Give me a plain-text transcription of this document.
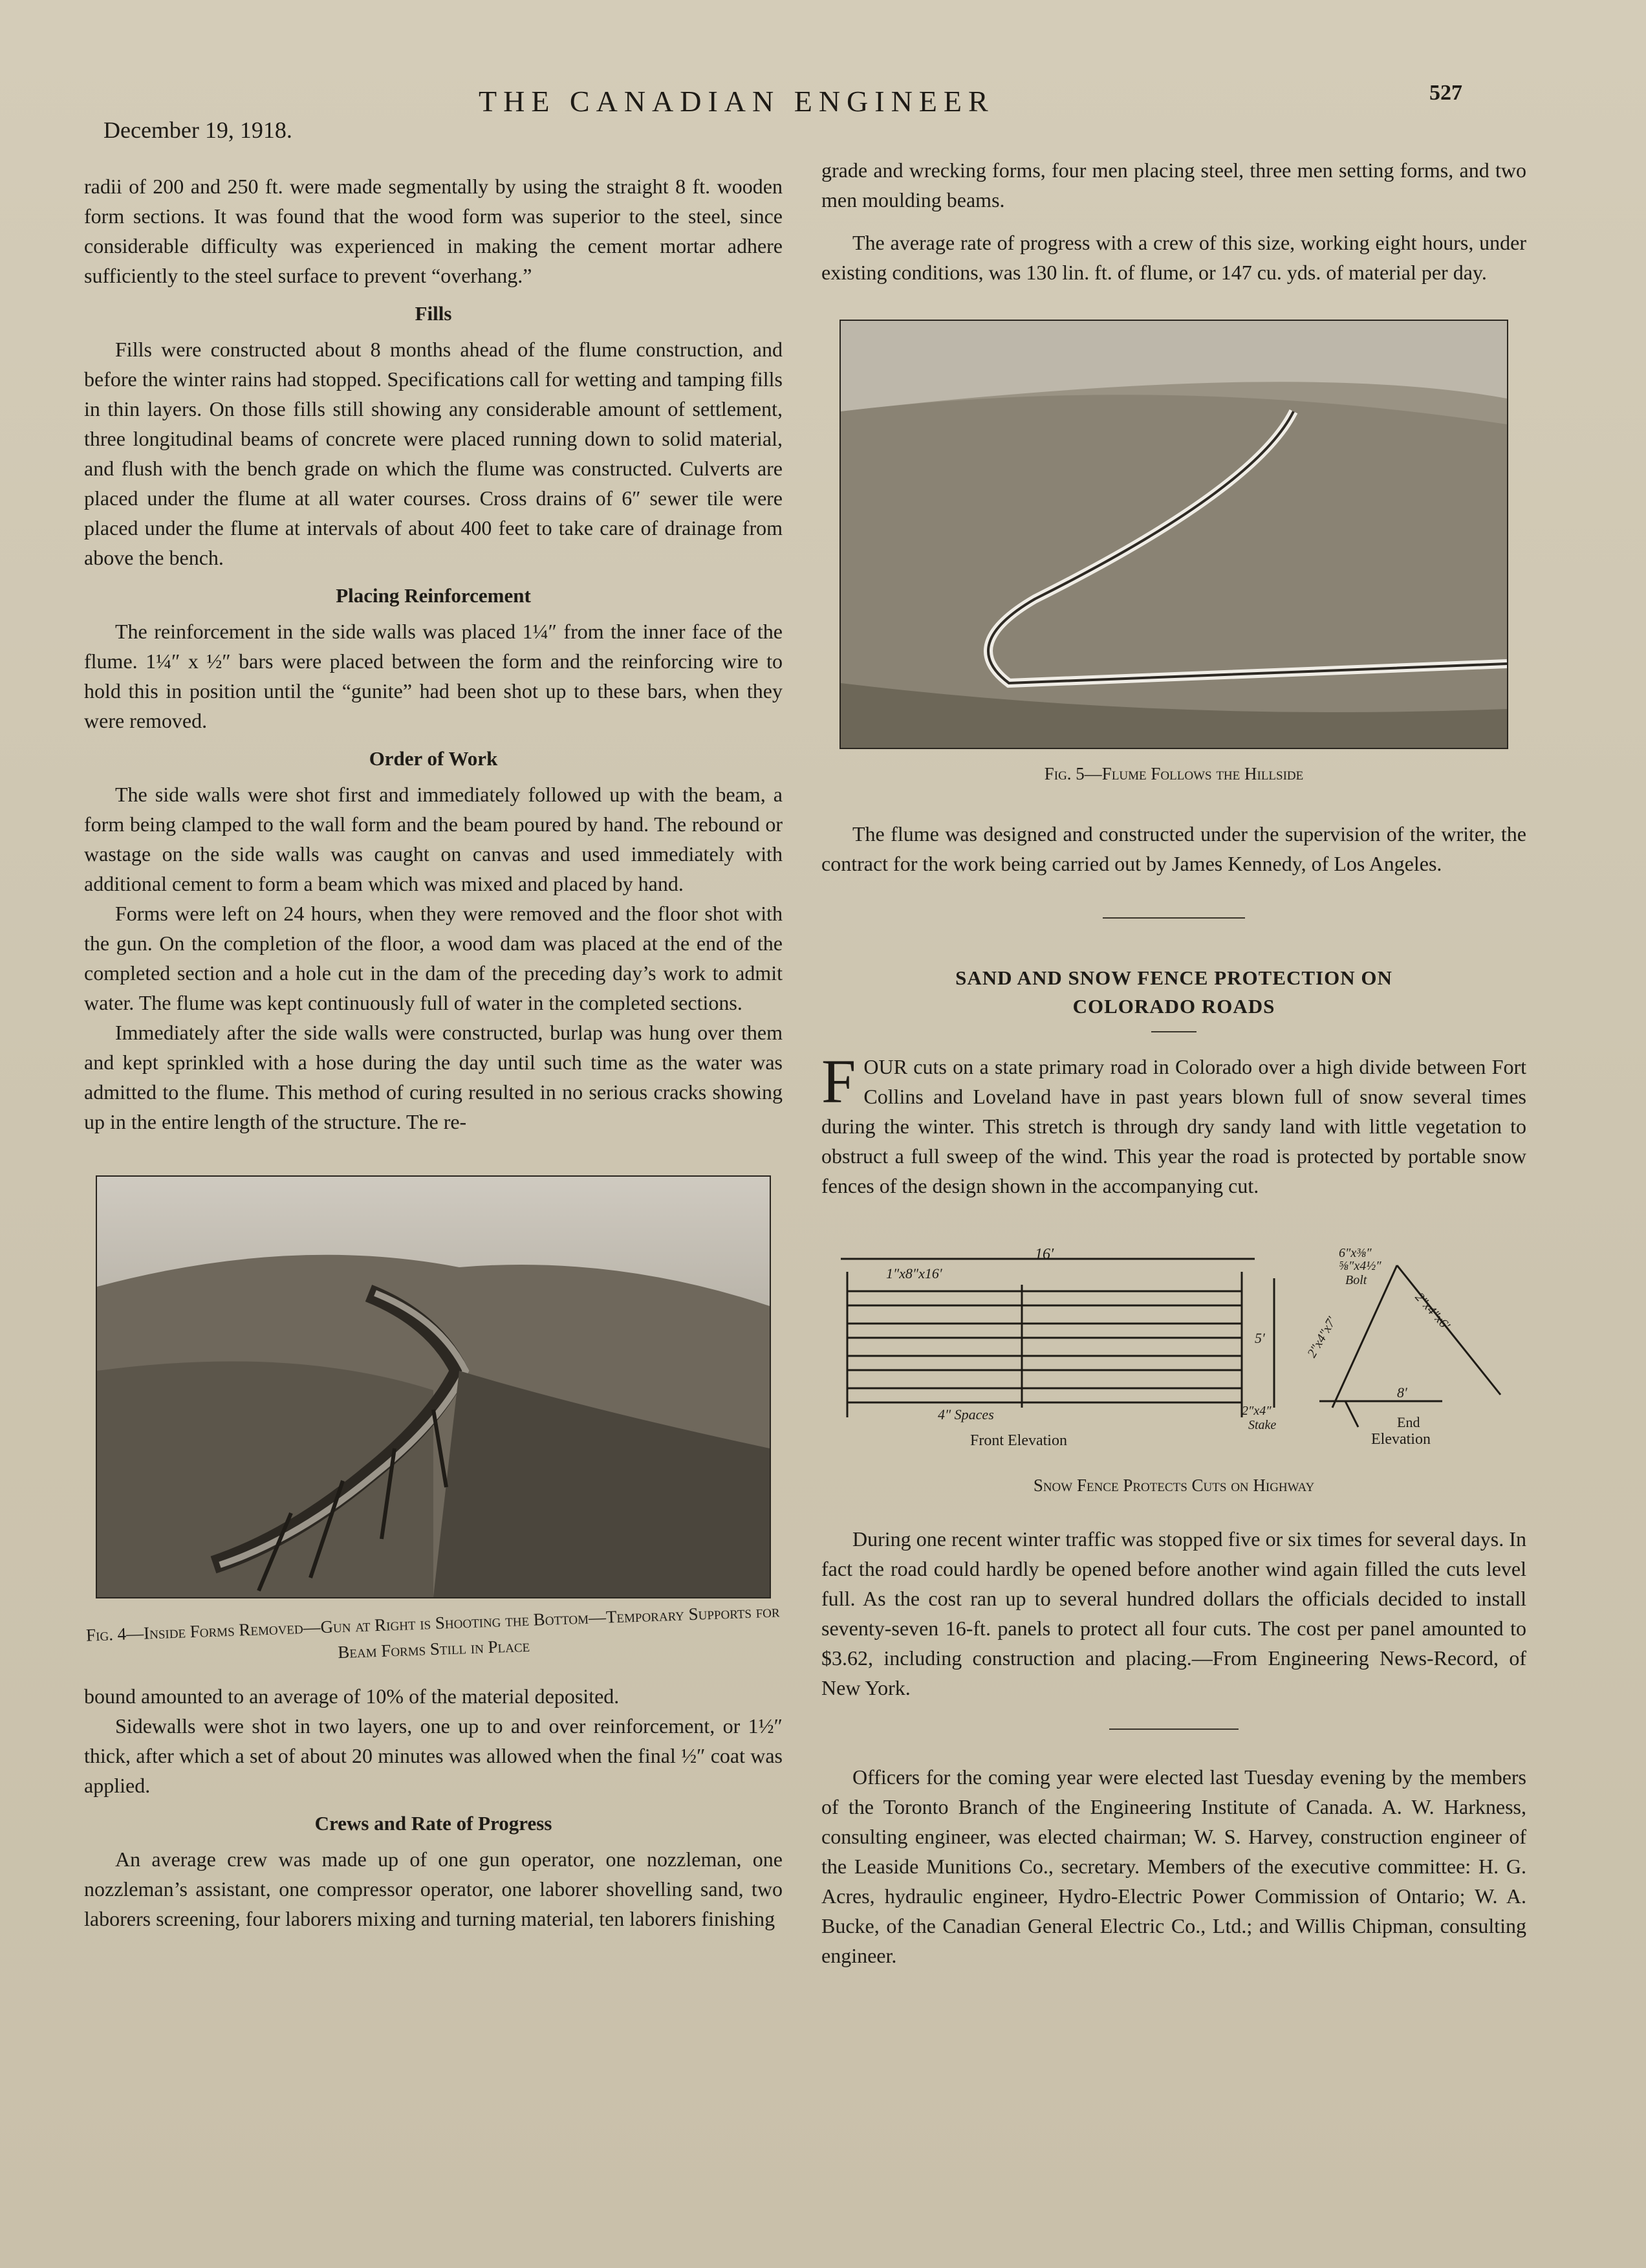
December 19, 1918.
THE CANADIAN ENGINEER	527

radii of 200 and 250 ft. were made segmentally by using the straight 8 ft. wooden form sections. It was found that the wood form was superior to the steel, since considerable difficulty was experienced in making the cement mortar adhere sufficiently to the steel surface to prevent “overhang.”

Fills

Fills were constructed about 8 months ahead of the flume construction, and before the winter rains had stopped. Specifications call for wetting and tamping fills in thin layers. On those fills still showing any considerable amount of settlement, three longitudinal beams of concrete were placed running down to solid material, and flush with the bench grade on which the flume was constructed. Culverts are placed under the flume at all water courses. Cross drains of 6″ sewer tile were placed under the flume at intervals of about 400 feet to take care of drainage from above the bench.

Placing Reinforcement

The reinforcement in the side walls was placed 1¼″ from the inner face of the flume. 1¼″ x ½″ bars were placed between the form and the reinforcing wire to hold this in position until the “gunite” had been shot up to these bars, when they were removed.

Order of Work

The side walls were shot first and immediately followed up with the beam, a form being clamped to the wall form and the beam poured by hand. The rebound or wastage on the side walls was caught on canvas and used immediately with additional cement to form a beam which was mixed and placed by hand.

Forms were left on 24 hours, when they were removed and the floor shot with the gun. On the completion of the floor, a wood dam was placed at the end of the completed section and a hole cut in the dam of the preceding day’s work to admit water. The flume was kept continuously full of water in the completed sections.

Immediately after the side walls were constructed, burlap was hung over them and kept sprinkled with a hose during the day until such time as the water was admitted to the flume. This method of curing resulted in no serious cracks showing up in the entire length of the structure. The re-

Fig. 4—Inside Forms Removed—Gun at Right is Shooting the Bottom—Temporary Supports for Beam Forms Still in Place

bound amounted to an average of 10% of the material deposited.

Sidewalls were shot in two layers, one up to and over reinforcement, or 1½″ thick, after which a set of about 20 minutes was allowed when the final ½″ coat was applied.

Crews and Rate of Progress

An average crew was made up of one gun operator, one nozzleman, one nozzleman’s assistant, one compressor operator, one laborer shovelling sand, two laborers screening, four laborers mixing and turning material, ten laborers finishing

grade and wrecking forms, four men placing steel, three men setting forms, and two men moulding beams.

The average rate of progress with a crew of this size, working eight hours, under existing conditions, was 130 lin. ft. of flume, or 147 cu. yds. of material per day.

Fig. 5—Flume Follows the Hillside

The flume was designed and constructed under the supervision of the writer, the contract for the work being carried out by James Kennedy, of Los Angeles.

SAND AND SNOW FENCE PROTECTION ON
COLORADO ROADS

FOUR cuts on a state primary road in Colorado over a high divide between Fort Collins and Loveland have in past years blown full of snow several times during the winter. This stretch is through dry sandy land with little vegetation to obstruct a full sweep of the wind. This year the road is protected by portable snow fences of the design shown in the accompanying cut.

16′
1″x8″x16′
5′
4″ Spaces
Front Elevation
6″x⅜″
⅝″x4½″
Bolt
2″x4″x7′
2″x4″x6′
2″x4″
Stake
8′
End
Elevation
Snow Fence Protects Cuts on Highway

During one recent winter traffic was stopped five or six times for several days. In fact the road could hardly be opened before another wind again filled the cuts level full. As the cost ran up to several hundred dollars the officials decided to install seventy-seven 16-ft. panels to protect all four cuts. The cost per panel amounted to $3.62, including construction and placing.—From Engineering News-Record, of New York.

Officers for the coming year were elected last Tuesday evening by the members of the Toronto Branch of the Engineering Institute of Canada. A. W. Harkness, consulting engineer, was elected chairman; W. S. Harvey, construction engineer of the Leaside Munitions Co., secretary. Members of the executive committee: H. G. Acres, hydraulic engineer, Hydro-Electric Power Commission of Ontario; W. A. Bucke, of the Canadian General Electric Co., Ltd.; and Willis Chipman, consulting engineer.
